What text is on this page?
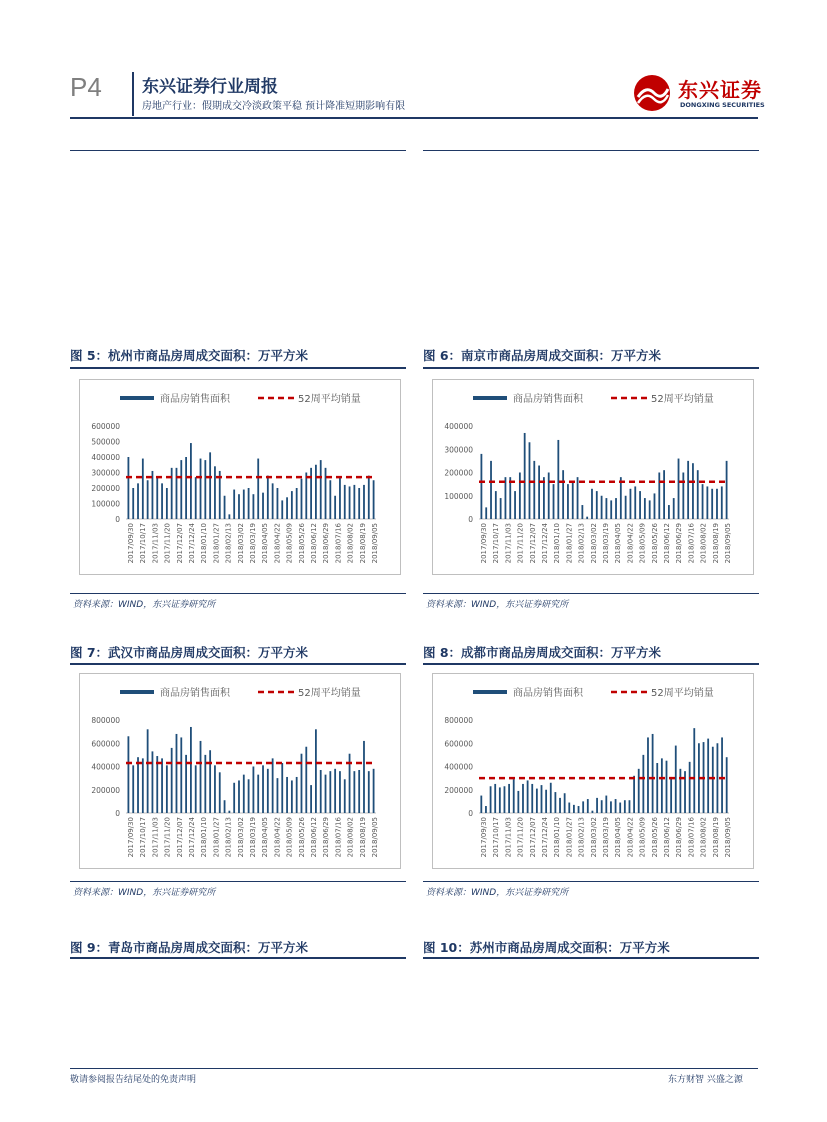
P4 东兴证券行业周报
房地产行业：假期成交冷淡政策平稳 预计降准短期影响有限
东兴证券
DONGXING SECURITIES
图 5：杭州市商品房周成交面积：万平方米
商品房销售面积	52周平均销量
0
100000
200000
300000
400000
500000
600000
2017/09/30 2017/10/17 2017/11/03 2017/11/20 2017/12/07 2017/12/24 2018/01/10 2018/01/27 2018/02/13 2018/03/02 2018/03/19 2018/04/05 2018/04/22 2018/05/09 2018/05/26 2018/06/12 2018/06/29 2018/07/16 2018/08/02 2018/08/19 2018/09/05
资料来源：WIND，东兴证券研究所
图 6：南京市商品房周成交面积：万平方米
商品房销售面积	52周平均销量
0
100000
200000
300000
400000
2017/09/30 2017/10/17 2017/11/03 2017/11/20 2017/12/07 2017/12/24 2018/01/10 2018/01/27 2018/02/13 2018/03/02 2018/03/19 2018/04/05 2018/04/22 2018/05/09 2018/05/26 2018/06/12 2018/06/29 2018/07/16 2018/08/02 2018/08/19 2018/09/05
资料来源：WIND，东兴证券研究所
图 7：武汉市商品房周成交面积：万平方米
商品房销售面积	52周平均销量
0
200000
400000
600000
800000
2017/09/30 2017/10/17 2017/11/03 2017/11/20 2017/12/07 2017/12/24 2018/01/10 2018/01/27 2018/02/13 2018/03/02 2018/03/19 2018/04/05 2018/04/22 2018/05/09 2018/05/26 2018/06/12 2018/06/29 2018/07/16 2018/08/02 2018/08/19 2018/09/05
资料来源：WIND，东兴证券研究所
图 8：成都市商品房周成交面积：万平方米
商品房销售面积	52周平均销量
0
200000
400000
600000
800000
2017/09/30 2017/10/17 2017/11/03 2017/11/20 2017/12/07 2017/12/24 2018/01/10 2018/01/27 2018/02/13 2018/03/02 2018/03/19 2018/04/05 2018/04/22 2018/05/09 2018/05/26 2018/06/12 2018/06/29 2018/07/16 2018/08/02 2018/08/19 2018/09/05
资料来源：WIND，东兴证券研究所
图 9：青岛市商品房周成交面积：万平方米	图 10：苏州市商品房周成交面积：万平方米
敬请参阅报告结尾处的免责声明	东方财智 兴盛之源
